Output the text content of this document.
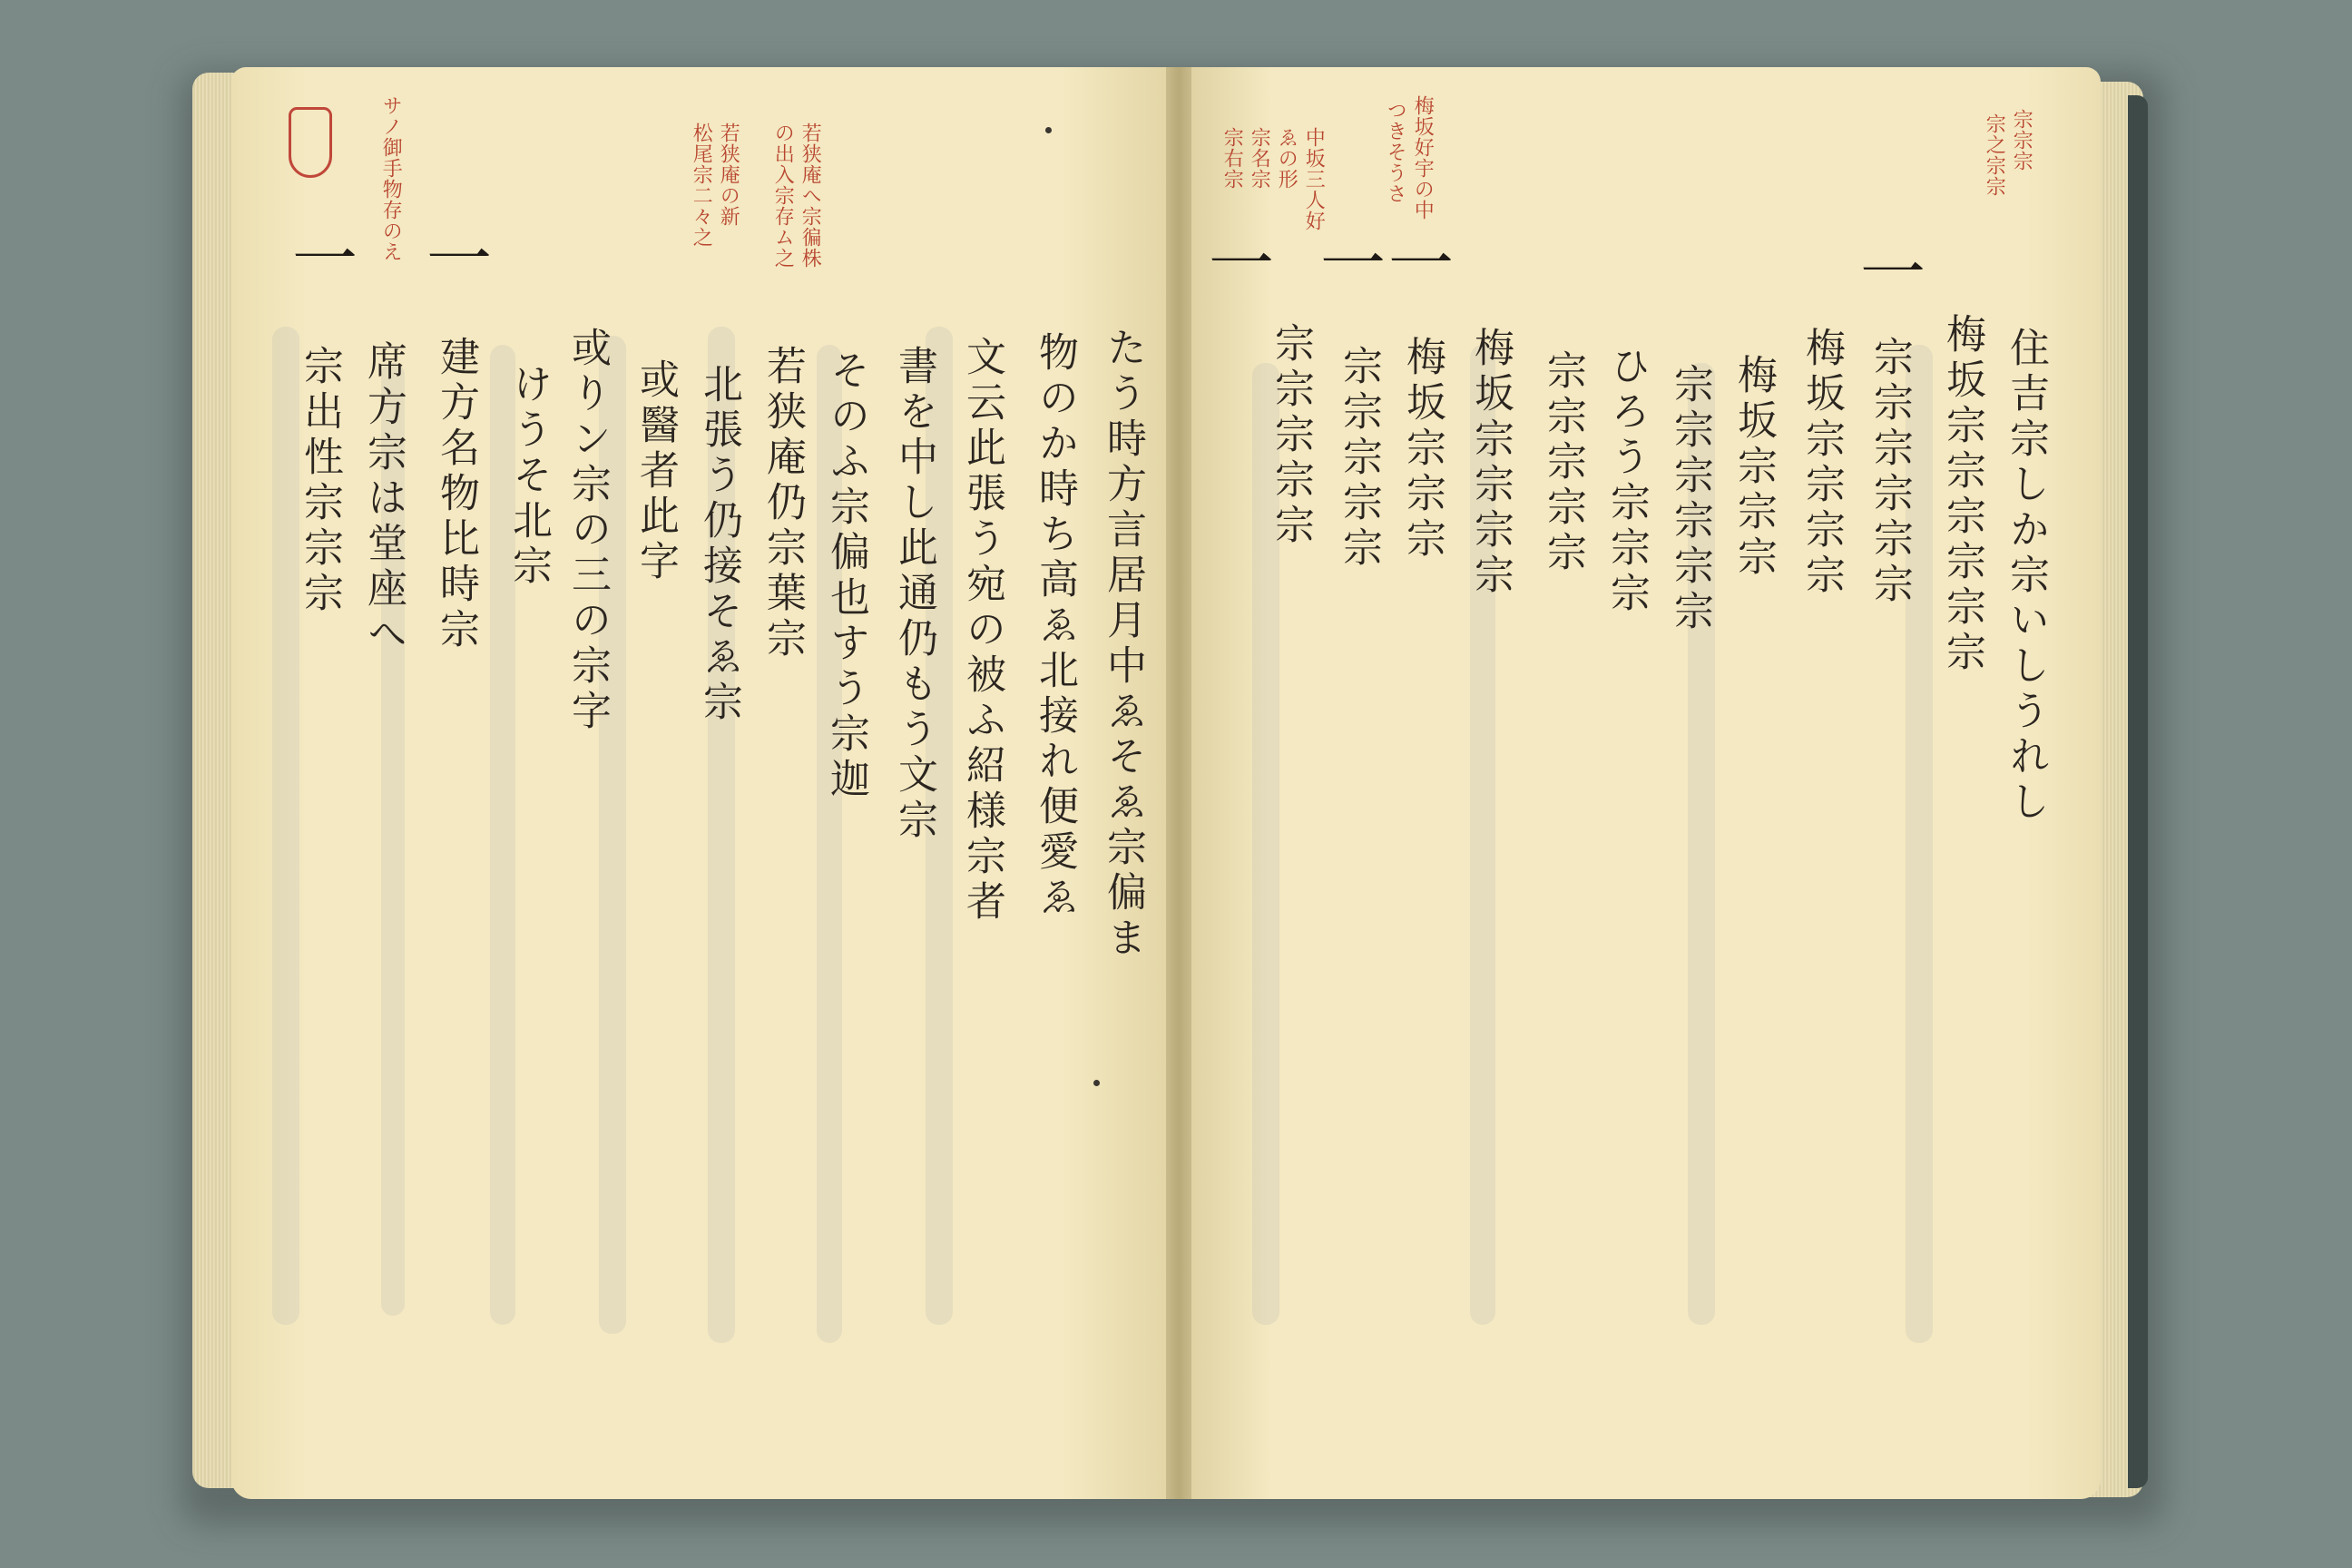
サノ御手物存のえ	若狭庵へ宗徧株
の出入宗存ム之
若狭庵の新
松尾宗二々之
一 一
たう時方言居月中ゑそゑ宗偏ま
物のか時ち高ゑ北接れ便愛ゑ
文云此張う宛の被ふ紹様宗者
書を中し此通仍もう文宗
そのふ宗偏也すう宗迦
若狭庵仍宗葉宗
北張う仍接そゑ宗
或醫者此字
或りン宗の三の宗字
けうそ北宗
建方名物比時宗
席方宗は堂座へ
宗出性宗宗宗
梅坂好宇の中
つきそうさ
中坂三人好
ゑの形
宗名宗
宗右宗	宗宗宗
宗之宗宗
一 一 一	一
住吉宗しか宗いしうれし
梅坂宗宗宗宗宗宗
宗宗宗宗宗宗
梅坂宗宗宗宗
梅坂宗宗宗
宗宗宗宗宗宗
ひろう宗宗宗
宗宗宗宗宗
梅坂宗宗宗宗
梅坂宗宗宗
宗宗宗宗宗
宗宗宗宗宗
